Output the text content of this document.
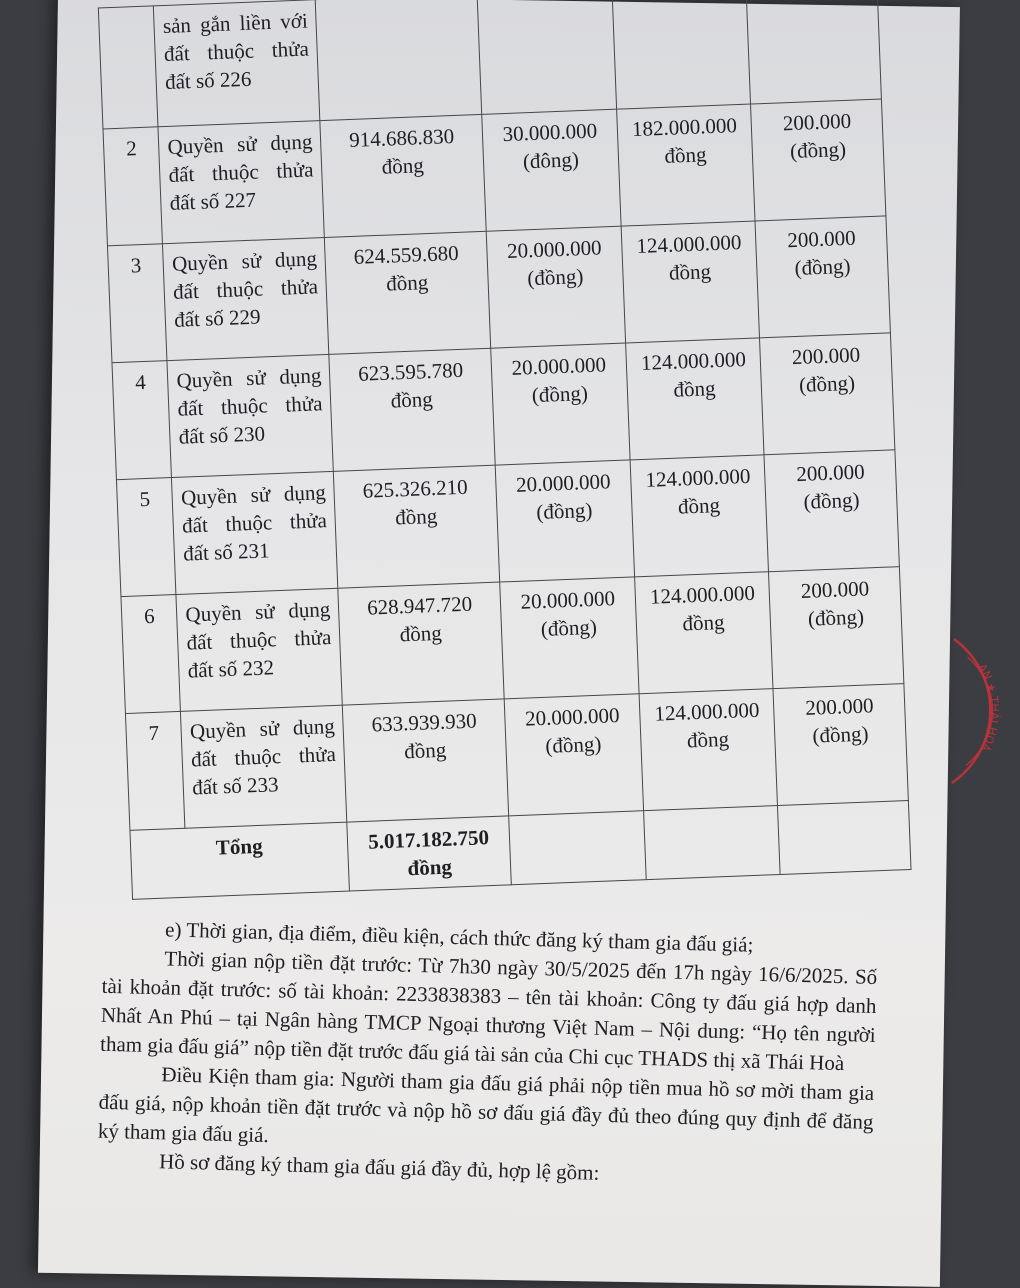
	sản gắn liền với đất thuộc thửa đất số 226				
2	Quyền sử dụng đất thuộc thửa đất số 227	914.686.830 đồng	30.000.000 (đông)	182.000.000 đồng	200.000 (đồng)
3	Quyền sử dụng đất thuộc thửa đất số 229	624.559.680 đồng	20.000.000 (đồng)	124.000.000 đồng	200.000 (đồng)
4	Quyền sử dụng đất thuộc thửa đất số 230	623.595.780 đồng	20.000.000 (đồng)	124.000.000 đồng	200.000 (đồng)
5	Quyền sử dụng đất thuộc thửa đất số 231	625.326.210 đồng	20.000.000 (đồng)	124.000.000 đồng	200.000 (đồng)
6	Quyền sử dụng đất thuộc thửa đất số 232	628.947.720 đồng	20.000.000 (đồng)	124.000.000 đồng	200.000 (đồng)
7	Quyền sử dụng đất thuộc thửa đất số 233	633.939.930 đồng	20.000.000 (đồng)	124.000.000 đồng	200.000 (đồng)
Tổng		5.017.182.750 đồng			

e) Thời gian, địa điểm, điều kiện, cách thức đăng ký tham gia đấu giá;

Thời gian nộp tiền đặt trước: Từ 7h30 ngày 30/5/2025 đến 17h ngày 16/6/2025. Số tài khoản đặt trước: số tài khoản: 2233838383 – tên tài khoản: Công ty đấu giá hợp danh Nhất An Phú – tại Ngân hàng TMCP Ngoại thương Việt Nam – Nội dung: “Họ tên người tham gia đấu giá” nộp tiền đặt trước đấu giá tài sản của Chi cục THADS thị xã Thái Hoà

Điều Kiện tham gia: Người tham gia đấu giá phải nộp tiền mua hồ sơ mời tham gia đấu giá, nộp khoản tiền đặt trước và nộp hồ sơ đấu giá đầy đủ theo đúng quy định để đăng ký tham gia đấu giá.

Hồ sơ đăng ký tham gia đấu giá đầy đủ, hợp lệ gồm:

AN ★ THÁI HOÀ
